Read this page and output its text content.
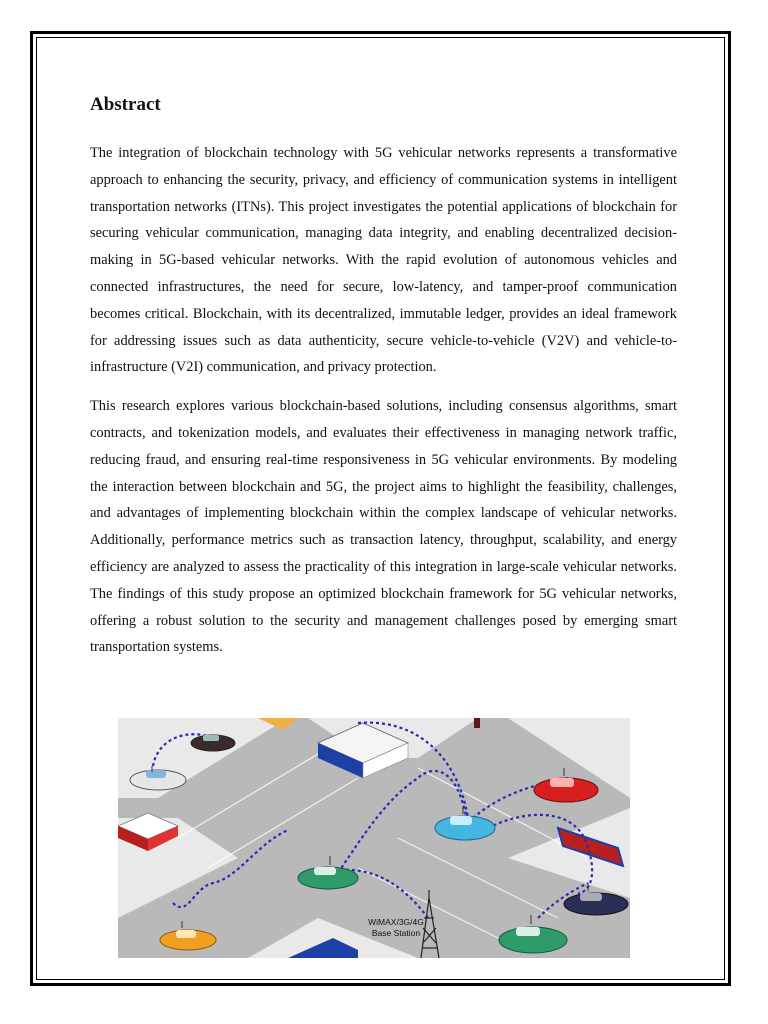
Abstract

The integration of blockchain technology with 5G vehicular networks represents a transformative approach to enhancing the security, privacy, and efficiency of communication systems in intelligent transportation networks (ITNs). This project investigates the potential applications of blockchain for securing vehicular communication, managing data integrity, and enabling decentralized decision-making in 5G-based vehicular networks. With the rapid evolution of autonomous vehicles and connected infrastructures, the need for secure, low-latency, and tamper-proof communication becomes critical. Blockchain, with its decentralized, immutable ledger, provides an ideal framework for addressing issues such as data authenticity, secure vehicle-to-vehicle (V2V) and vehicle-to-infrastructure (V2I) communication, and privacy protection.

This research explores various blockchain-based solutions, including consensus algorithms, smart contracts, and tokenization models, and evaluates their effectiveness in managing network traffic, reducing fraud, and ensuring real-time responsiveness in 5G vehicular environments. By modeling the interaction between blockchain and 5G, the project aims to highlight the feasibility, challenges, and advantages of implementing blockchain within the complex landscape of vehicular networks. Additionally, performance metrics such as transaction latency, throughput, scalability, and energy efficiency are analyzed to assess the practicality of this integration in large-scale vehicular networks. The findings of this study propose an optimized blockchain framework for 5G vehicular networks, offering a robust solution to the security and management challenges posed by emerging smart transportation systems.

WiMAX/3G/4G
Base Station
